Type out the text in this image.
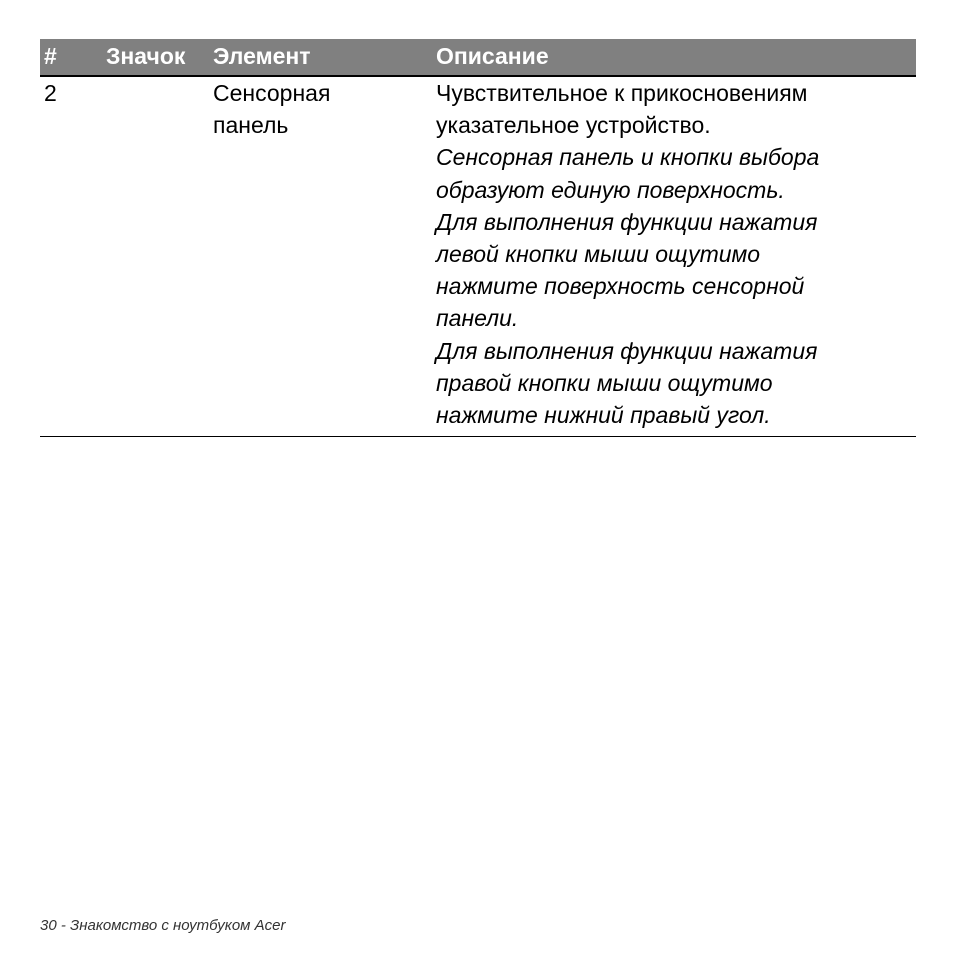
# Значок Элемент	Описание
2	Сенсорная
панель
Чувствительное к прикосновениям
указательное устройство.
Сенсорная панель и кнопки выбора
образуют единую поверхность.
Для выполнения функции нажатия
левой кнопки мыши ощутимо
нажмите поверхность сенсорной
панели.
Для выполнения функции нажатия
правой кнопки мыши ощутимо
нажмите нижний правый угол.
30 - Знакомство с ноутбуком Acer
